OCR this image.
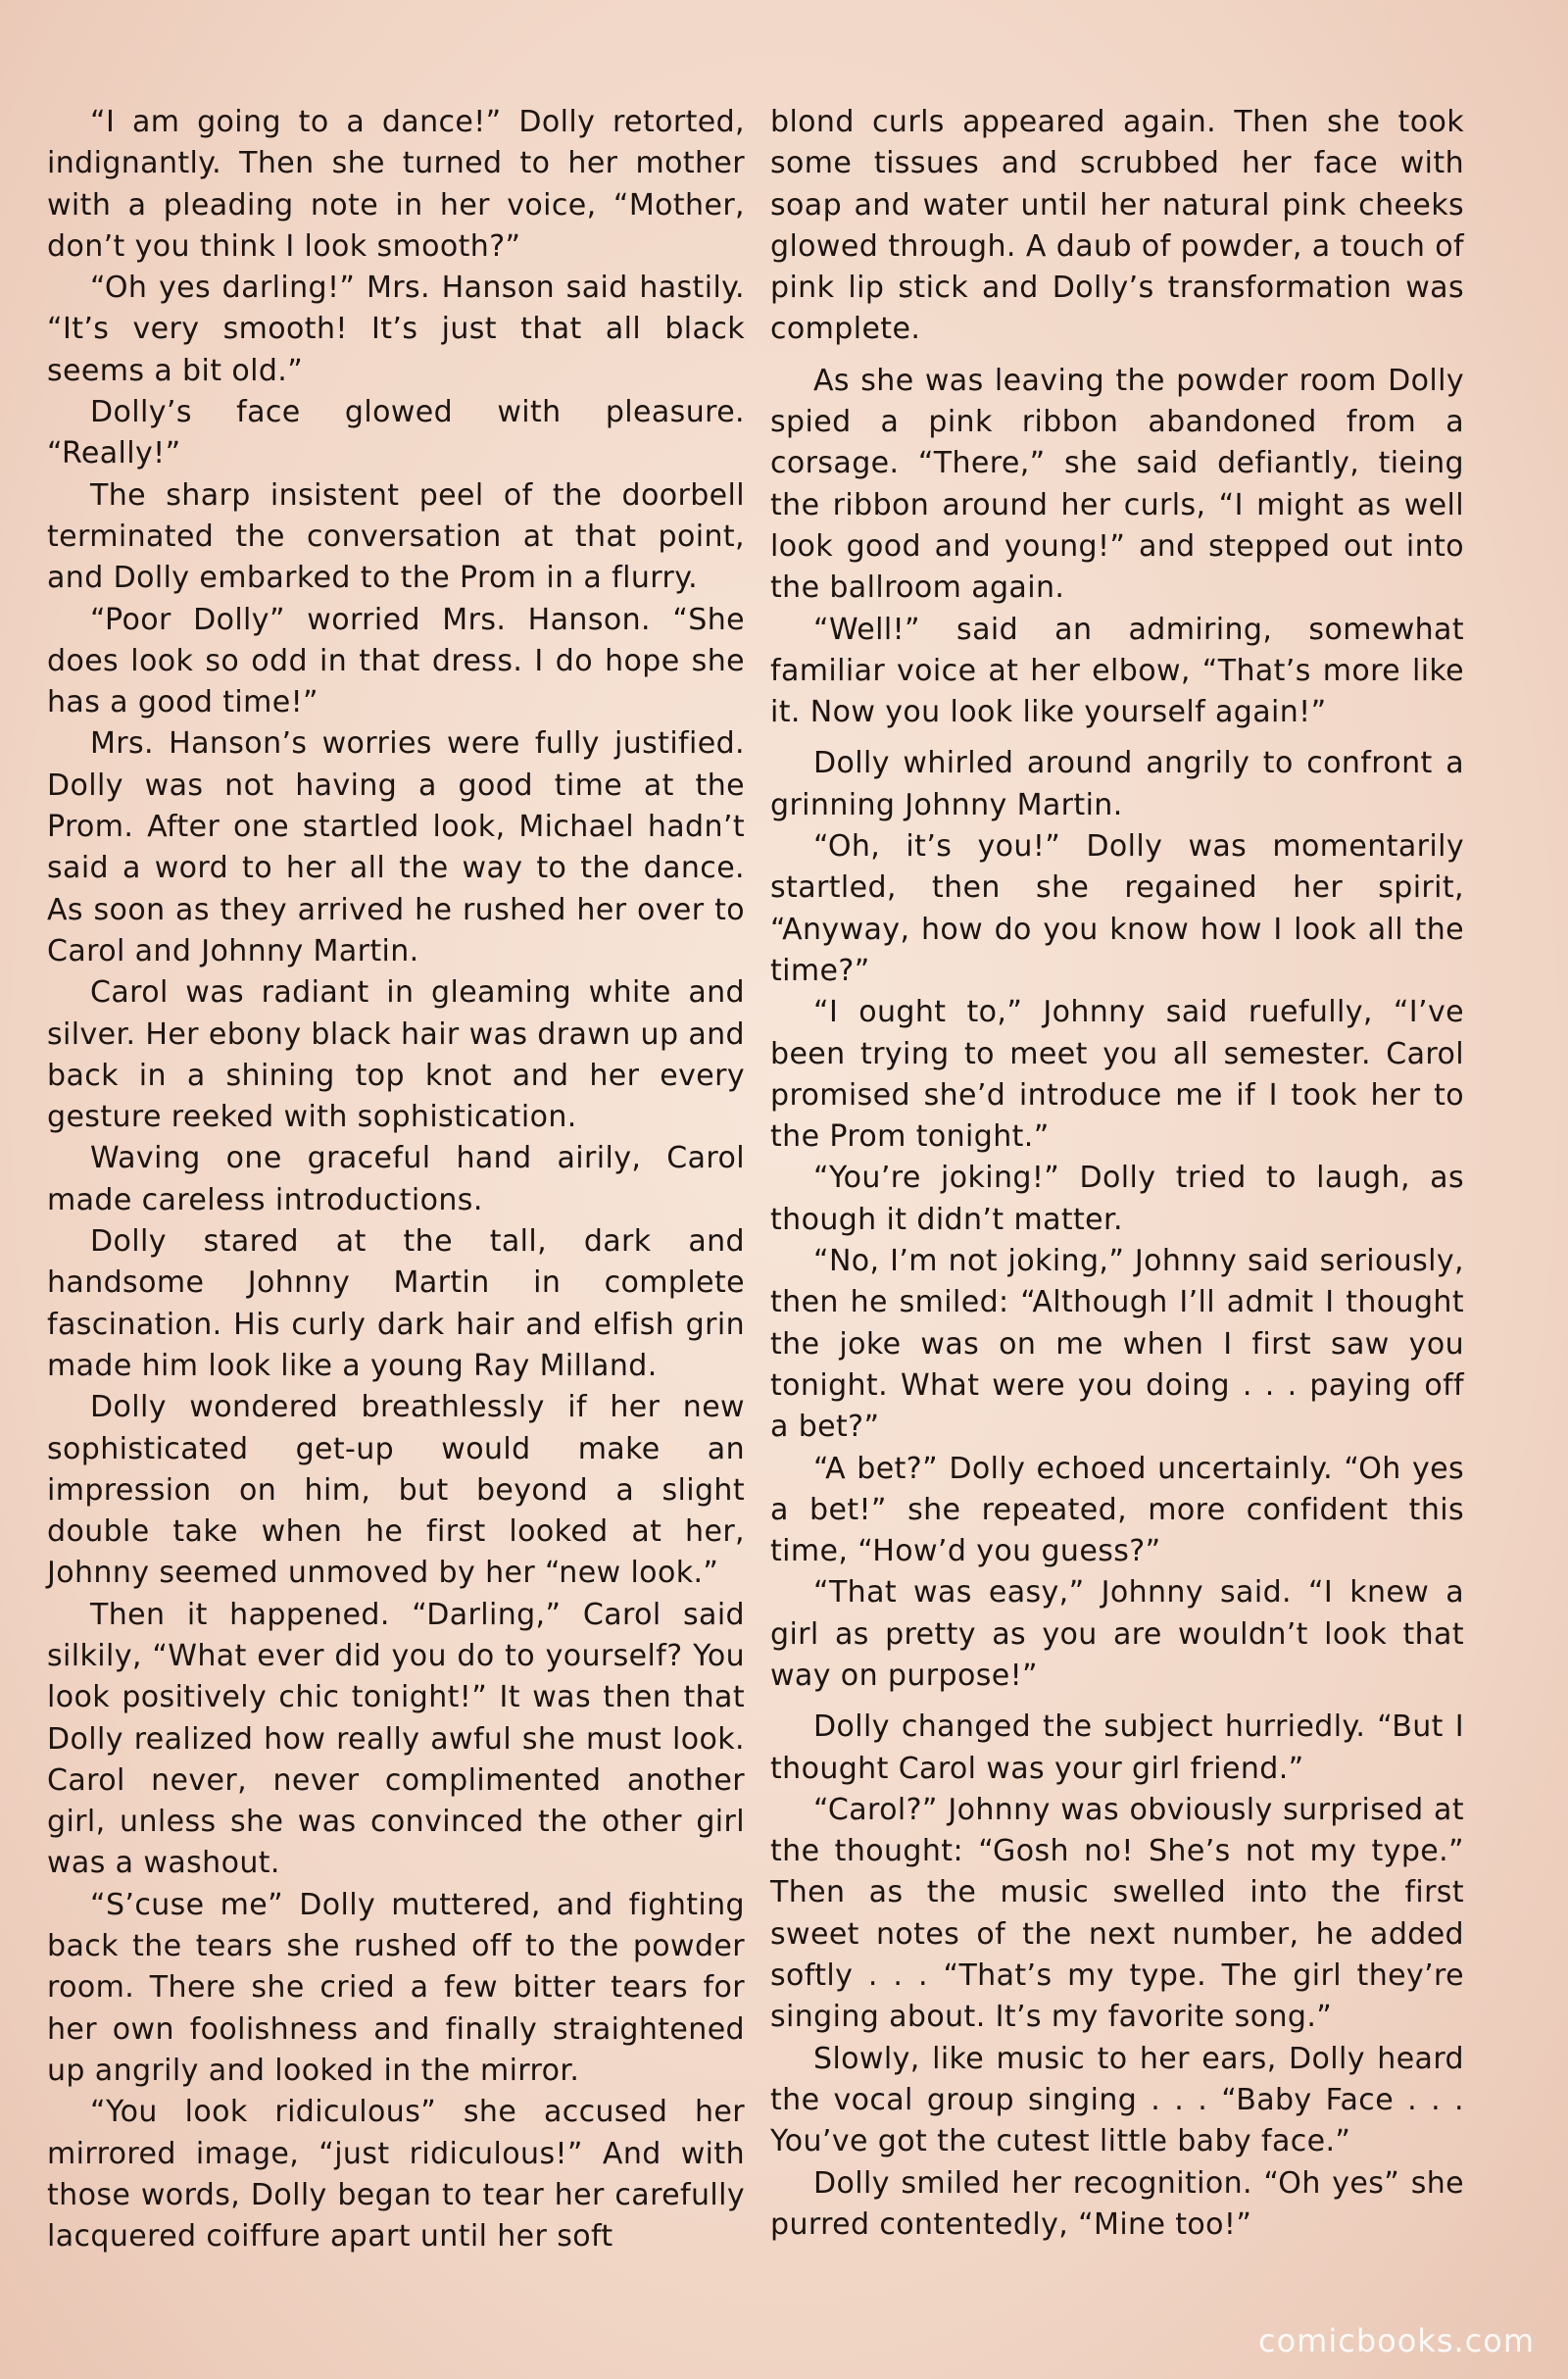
“I am going to a dance!” Dolly retorted, indignantly. Then she turned to her mother with a pleading note in her voice, “Mother, don’t you think I look smooth?”

“Oh yes darling!” Mrs. Hanson said hastily. “It’s very smooth! It’s just that all black seems a bit old.”

Dolly’s face glowed with pleasure. “Really!”

The sharp insistent peel of the doorbell terminated the conversation at that point, and Dolly embarked to the Prom in a flurry.

“Poor Dolly” worried Mrs. Hanson. “She does look so odd in that dress. I do hope she has a good time!”

Mrs. Hanson’s worries were fully justified. Dolly was not having a good time at the Prom. After one startled look, Michael hadn’t said a word to her all the way to the dance. As soon as they arrived he rushed her over to Carol and Johnny Martin.

Carol was radiant in gleaming white and silver. Her ebony black hair was drawn up and back in a shining top knot and her every gesture reeked with sophistication.

Waving one graceful hand airily, Carol made careless introductions.

Dolly stared at the tall, dark and handsome Johnny Martin in complete fascination. His curly dark hair and elfish grin made him look like a young Ray Milland.

Dolly wondered breathlessly if her new sophisticated get-up would make an impression on him, but beyond a slight double take when he first looked at her, Johnny seemed unmoved by her “new look.”

Then it happened. “Darling,” Carol said silkily, “What ever did you do to yourself? You look positively chic tonight!” It was then that Dolly realized how really awful she must look. Carol never, never complimented another girl, unless she was convinced the other girl was a washout.

“S’cuse me” Dolly muttered, and fighting back the tears she rushed off to the powder room. There she cried a few bitter tears for her own foolishness and finally straightened up angrily and looked in the mirror.

“You look ridiculous” she accused her mirrored image, “just ridiculous!” And with those words, Dolly began to tear her carefully lacquered coiffure apart until her soft

blond curls appeared again. Then she took some tissues and scrubbed her face with soap and water until her natural pink cheeks glowed through. A daub of powder, a touch of pink lip stick and Dolly’s transformation was complete.

As she was leaving the powder room Dolly spied a pink ribbon abandoned from a corsage. “There,” she said defiantly, tieing the ribbon around her curls, “I might as well look good and young!” and stepped out into the ballroom again.

“Well!” said an admiring, somewhat familiar voice at her elbow, “That’s more like it. Now you look like yourself again!”

Dolly whirled around angrily to confront a grinning Johnny Martin.

“Oh, it’s you!” Dolly was momentarily startled, then she regained her spirit, “Anyway, how do you know how I look all the time?”

“I ought to,” Johnny said ruefully, “I’ve been trying to meet you all semester. Carol promised she’d introduce me if I took her to the Prom tonight.”

“You’re joking!” Dolly tried to laugh, as though it didn’t matter.

“No, I’m not joking,” Johnny said seriously, then he smiled: “Although I’ll admit I thought the joke was on me when I first saw you tonight. What were you doing . . . paying off a bet?”

“A bet?” Dolly echoed uncertainly. “Oh yes a bet!” she repeated, more confident this time, “How’d you guess?”

“That was easy,” Johnny said. “I knew a girl as pretty as you are wouldn’t look that way on purpose!”

Dolly changed the subject hurriedly. “But I thought Carol was your girl friend.”

“Carol?” Johnny was obviously surprised at the thought: “Gosh no! She’s not my type.” Then as the music swelled into the first sweet notes of the next number, he added softly . . . “That’s my type. The girl they’re singing about. It’s my favorite song.”

Slowly, like music to her ears, Dolly heard the vocal group singing . . . “Baby Face . . . You’ve got the cutest little baby face.”

Dolly smiled her recognition. “Oh yes” she purred contentedly, “Mine too!”

comicbooks.com
